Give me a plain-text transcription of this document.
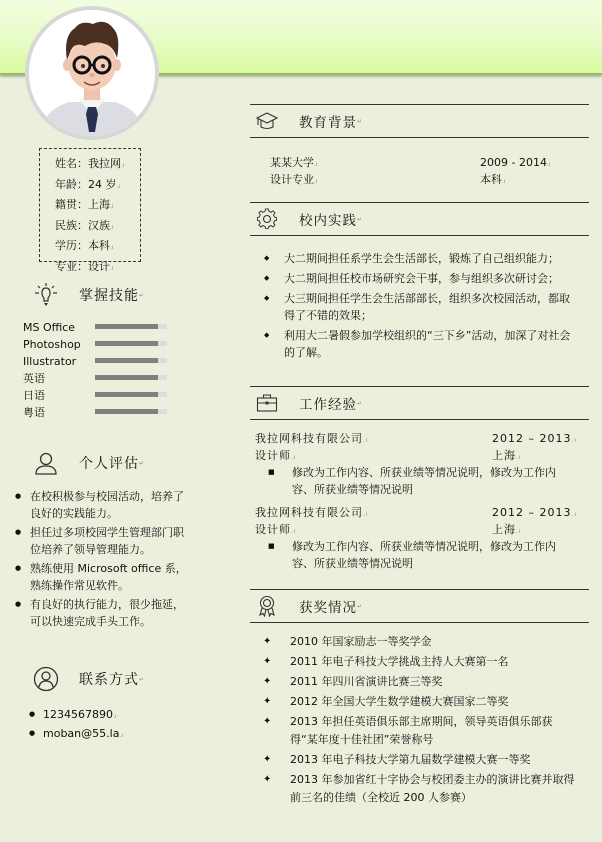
姓名：我拉网.ı
年龄：24 岁.ı
籍贯：上海.ı
民族：汉族.ı
学历：本科.ı
专业：设计.ı
掌握技能 ↵
MS Office
Photoshop
Illustrator
英语
日语
粤语
个人评估 ↵
● 在校积极参与校园活动，培养了良好的实践能力。
● 担任过多项校园学生管理部门职位培养了领导管理能力。
● 熟练使用 Microsoft office 系，熟练操作常见软件。
● 有良好的执行能力，很少拖延，可以快速完成手头工作。
联系方式 ↵
● 1234567890.ı
● moban@55.la.ı
教育背景 ↵
某某大学.ı	2009 - 2014.ı
设计专业.ı	本科.ı
校内实践 ↵
◆ 大二期间担任系学生会生活部长，锻炼了自己组织能力；
◆ 大二期间担任校市场研究会干事，参与组织多次研讨会；
◆ 大三期间担任学生会生活部部长，组织多次校园活动，都取得了不错的效果；
◆ 利用大二暑假参加学校组织的“三下乡”活动，加深了对社会的了解。
工作经验 ↵
我拉网科技有限公司.ı	2012 – 2013.ı
设计师.ı	上海.ı
■ 修改为工作内容、所获业绩等情况说明，修改为工作内容、所获业绩等情况说明
我拉网科技有限公司.ı	2012 – 2013.ı
设计师.ı	上海.ı
■ 修改为工作内容、所获业绩等情况说明，修改为工作内容、所获业绩等情况说明
获奖情况 ↵
✦ 2010 年国家励志一等奖学金
✦ 2011 年电子科技大学挑战主持人大赛第一名
✦ 2011 年四川省演讲比赛三等奖
✦ 2012 年全国大学生数学建模大赛国家二等奖
✦ 2013 年担任英语俱乐部主席期间，领导英语俱乐部获得“某年度十佳社团”荣誉称号
✦ 2013 年电子科技大学第九届数学建模大赛一等奖
✦ 2013 年参加省红十字协会与校团委主办的演讲比赛并取得前三名的佳绩（全校近 200 人参赛）
